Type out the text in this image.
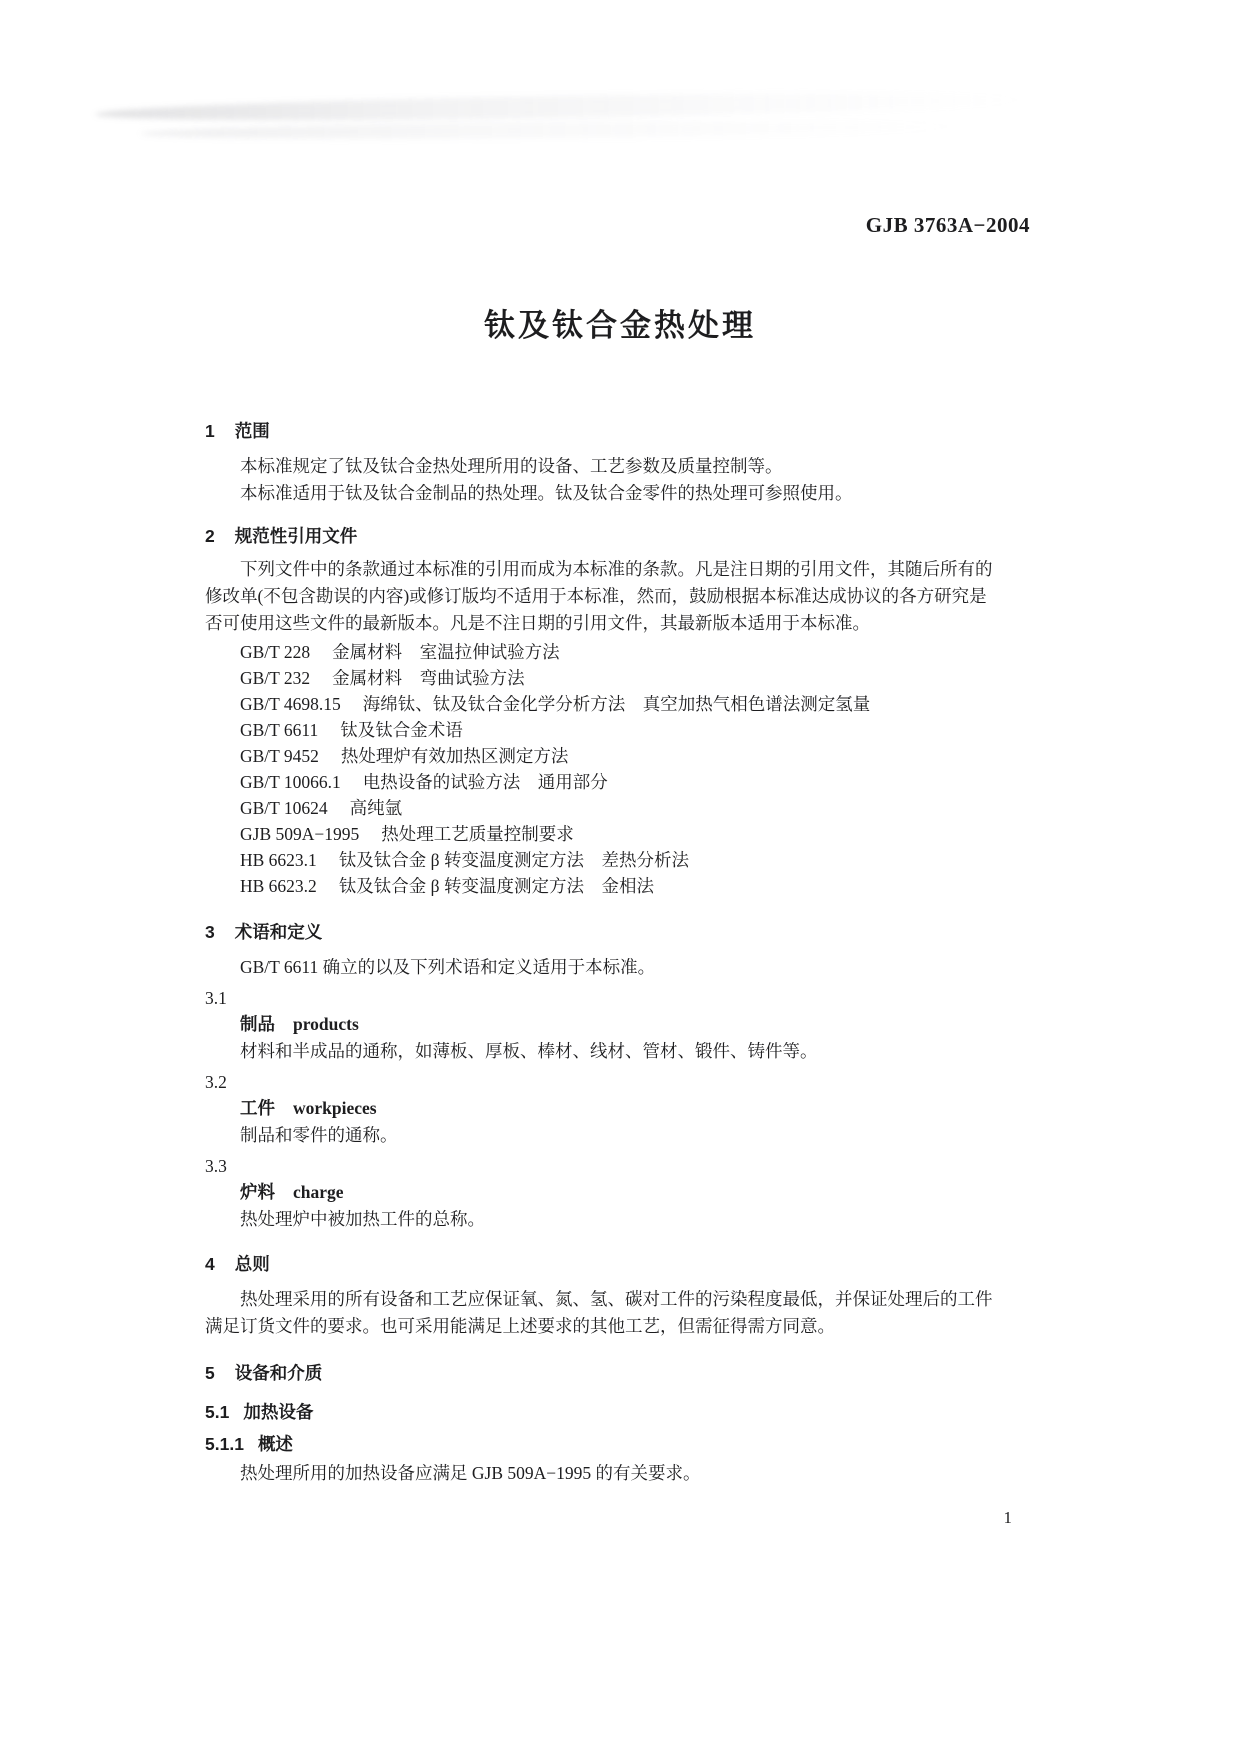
GJB 3763A−2004
钛及钛合金热处理
1 范围
本标准规定了钛及钛合金热处理所用的设备、工艺参数及质量控制等。
本标准适用于钛及钛合金制品的热处理。钛及钛合金零件的热处理可参照使用。
2 规范性引用文件
下列文件中的条款通过本标准的引用而成为本标准的条款。凡是注日期的引用文件，其随后所有的
修改单(不包含勘误的内容)或修订版均不适用于本标准，然而，鼓励根据本标准达成协议的各方研究是
否可使用这些文件的最新版本。凡是不注日期的引用文件，其最新版本适用于本标准。
GB/T 228 金属材料　室温拉伸试验方法
GB/T 232 金属材料　弯曲试验方法
GB/T 4698.15 海绵钛、钛及钛合金化学分析方法　真空加热气相色谱法测定氢量
GB/T 6611 钛及钛合金术语
GB/T 9452 热处理炉有效加热区测定方法
GB/T 10066.1 电热设备的试验方法　通用部分
GB/T 10624 高纯氩
GJB 509A−1995 热处理工艺质量控制要求
HB 6623.1 钛及钛合金 β 转变温度测定方法　差热分析法
HB 6623.2 钛及钛合金 β 转变温度测定方法　金相法
3 术语和定义
GB/T 6611 确立的以及下列术语和定义适用于本标准。
3.1
制品 products
材料和半成品的通称，如薄板、厚板、棒材、线材、管材、锻件、铸件等。
3.2
工件 workpieces
制品和零件的通称。
3.3
炉料 charge
热处理炉中被加热工件的总称。
4 总则
热处理采用的所有设备和工艺应保证氧、氮、氢、碳对工件的污染程度最低，并保证处理后的工件
满足订货文件的要求。也可采用能满足上述要求的其他工艺，但需征得需方同意。
5 设备和介质
5.1 加热设备
5.1.1 概述
热处理所用的加热设备应满足 GJB 509A−1995 的有关要求。
1
